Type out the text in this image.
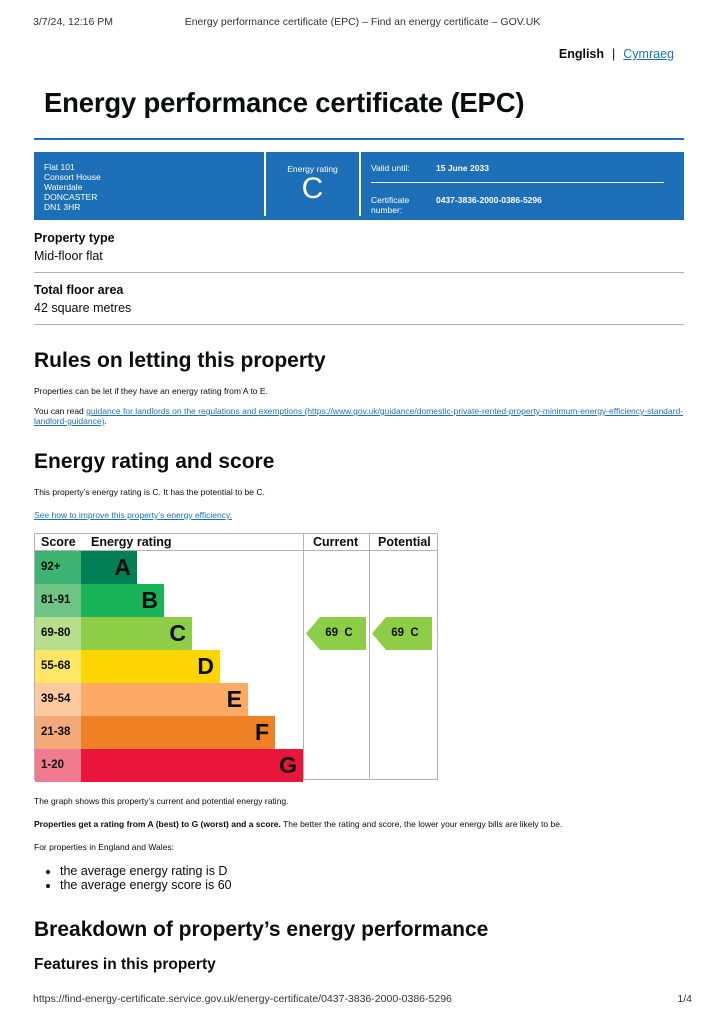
3/7/24, 12:16 PM	Energy performance certificate (EPC) – Find an energy certificate – GOV.UK
English | Cymraeg
Energy performance certificate (EPC)
Flat 101
Consort House
Waterdale
DONCASTER
DN1 3HR
Energy rating
C
Valid until:	15 June 2033
Certificate number:
0437-3836-2000-0386-5296
Property type
Mid-floor flat
Total floor area
42 square metres
Rules on letting this property
Properties can be let if they have an energy rating from A to E.
You can read guidance for landlords on the regulations and exemptions (https://www.gov.uk/guidance/domestic-private-rented-property-minimum-energy-efficiency-standard-landlord-guidance).
Energy rating and score
This property’s energy rating is C. It has the potential to be C.
See how to improve this property’s energy efficiency.
Score Energy rating	Current Potential
92+	A
81-91	B
69-80	C
55-68	D
39-54	E
21-38	F
1-20	G
69  C	69  C
The graph shows this property’s current and potential energy rating.
Properties get a rating from A (best) to G (worst) and a score. The better the rating and score, the lower your energy bills are likely to be.
For properties in England and Wales:
• the average energy rating is D
• the average energy score is 60
Breakdown of property’s energy performance
Features in this property
https://find-energy-certificate.service.gov.uk/energy-certificate/0437-3836-2000-0386-5296	1/4
